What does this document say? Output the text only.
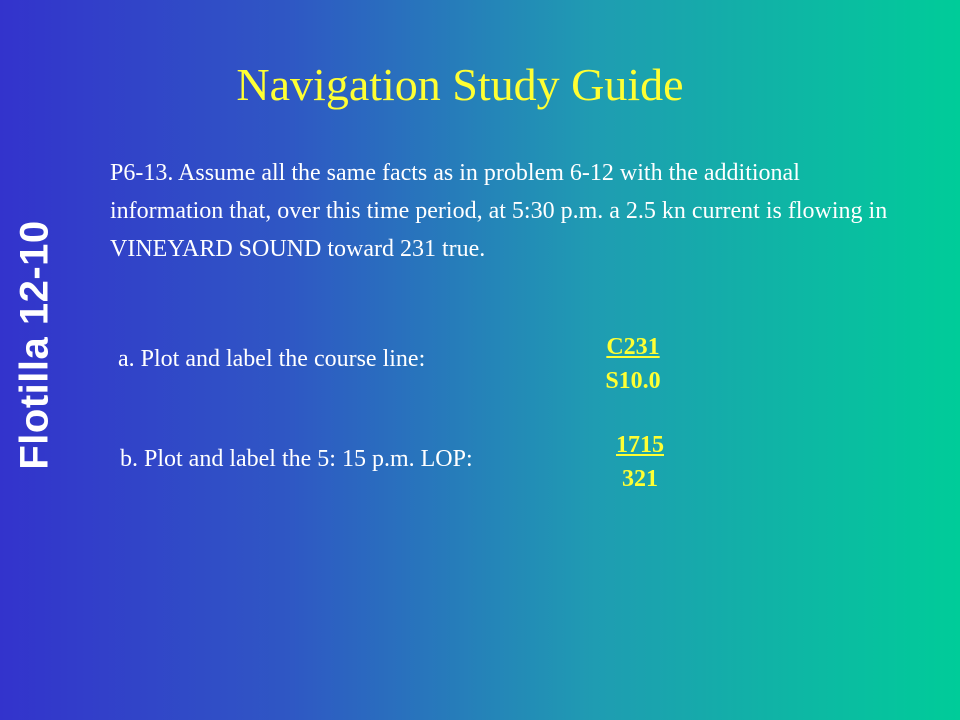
Flotilla 12-10
Navigation Study Guide
P6-13. Assume all the same facts as in problem 6-12 with the additional information that, over this time period, at 5:30 p.m. a 2.5 kn current is flowing in VINEYARD SOUND toward 231 true.
a. Plot and label the course line:	C231
S10.0
b. Plot and label the 5: 15 p.m. LOP:
1715
321
